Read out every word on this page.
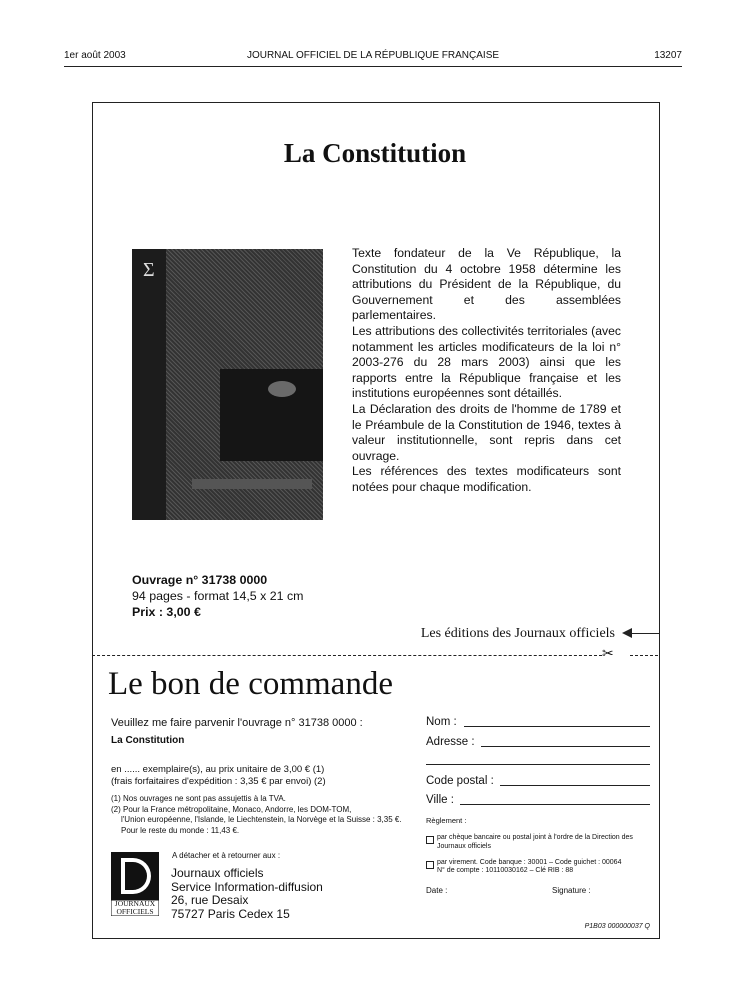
1er août 2003	JOURNAL OFFICIEL DE LA RÉPUBLIQUE FRANÇAISE	13207
La Constitution
Σ

Texte fondateur de la Ve République, la Constitution du 4 octobre 1958 détermine les attributions du Président de la République, du Gouvernement et des assemblées parlementaires.

Les attributions des collectivités territoriales (avec notamment les articles modificateurs de la loi n° 2003-276 du 28 mars 2003) ainsi que les rapports entre la République française et les institutions européennes sont détaillés.

La Déclaration des droits de l'homme de 1789 et le Préambule de la Constitution de 1946, textes à valeur institutionnelle, sont repris dans cet ouvrage.

Les références des textes modificateurs sont notées pour chaque modification.

Ouvrage n° 31738 0000
94 pages - format 14,5 x 21 cm
Prix : 3,00 €
Les éditions des Journaux officiels
✂
Le bon de commande
Veuillez me faire parvenir l'ouvrage n° 31738 0000 :
La Constitution
en ...... exemplaire(s), au prix unitaire de 3,00 € (1)
(frais forfaitaires d'expédition : 3,35 € par envoi) (2)
(1) Nos ouvrages ne sont pas assujettis à la TVA.
(2) Pour la France métropolitaine, Monaco, Andorre, les DOM-TOM,
l'Union européenne, l'Islande, le Liechtenstein, la Norvège et la Suisse : 3,35 €.
Pour le reste du monde : 11,43 €.
A détacher et à retourner aux :
JOURNAUX
OFFICIELS
Journaux officiels
Service Information-diffusion
26, rue Desaix
75727 Paris Cedex 15
Nom :
Adresse :
Code postal :
Ville :
Règlement :
par chèque bancaire ou postal joint à l'ordre de la Direction des Journaux officiels
par virement. Code banque : 30001 – Code guichet : 00064
N° de compte : 10110030162 – Clé RIB : 88
Date :	Signature :
P1B03 000000037 Q
